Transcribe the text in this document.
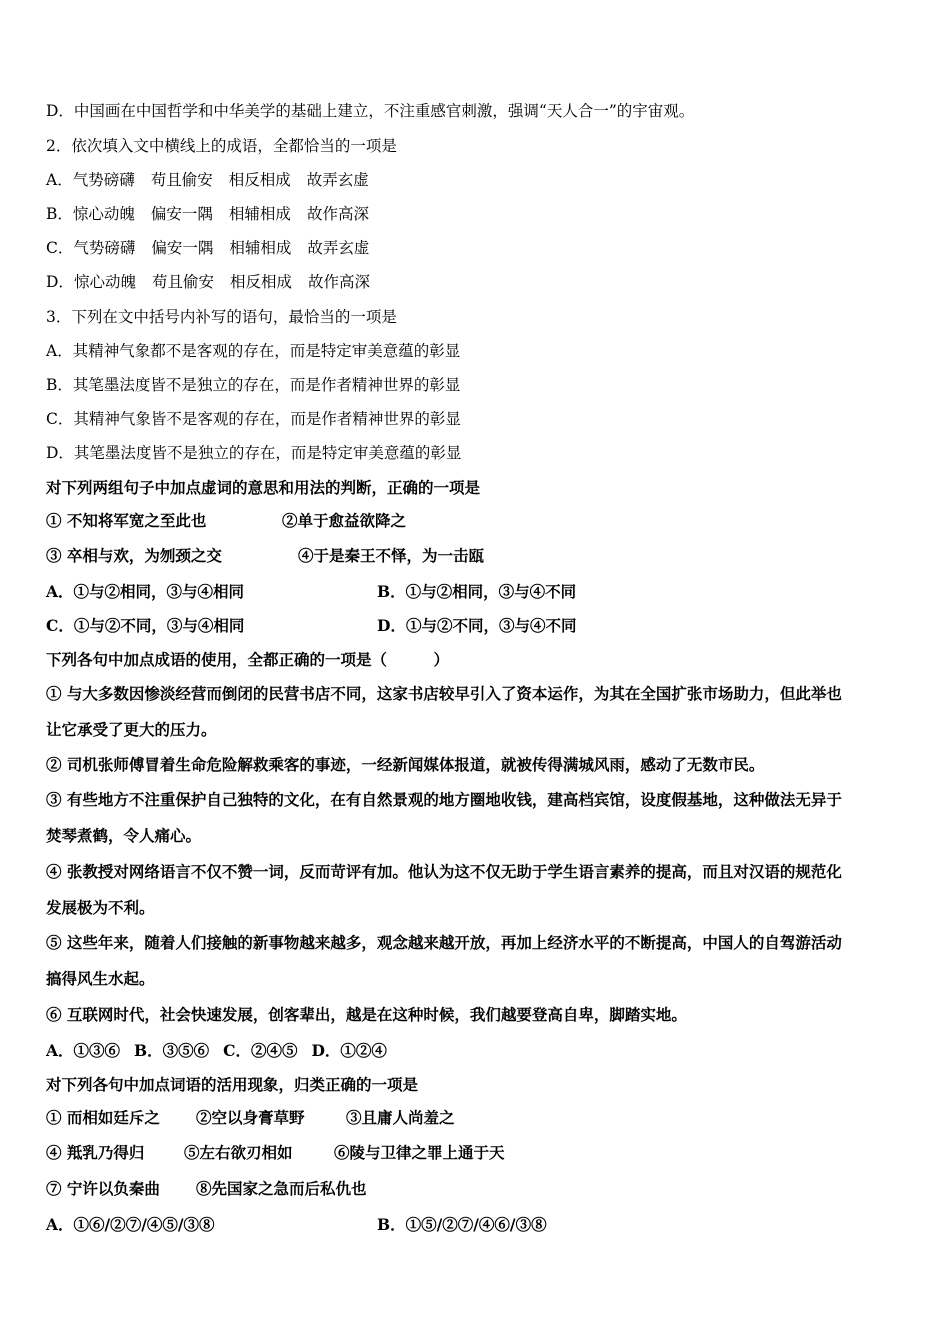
D．中国画在中国哲学和中华美学的基础上建立，不注重感官刺激，强调“天人合一”的宇宙观。
2．依次填入文中横线上的成语，全都恰当的一项是
A．气势磅礴 苟且偷安 相反相成 故弄玄虚
B．惊心动魄 偏安一隅 相辅相成 故作高深
C．气势磅礴 偏安一隅 相辅相成 故弄玄虚
D．惊心动魄 苟且偷安 相反相成 故作高深
3．下列在文中括号内补写的语句，最恰当的一项是
A．其精神气象都不是客观的存在，而是特定审美意蕴的彰显
B．其笔墨法度皆不是独立的存在，而是作者精神世界的彰显
C．其精神气象皆不是客观的存在，而是作者精神世界的彰显
D．其笔墨法度皆不是独立的存在，而是特定审美意蕴的彰显
对下列两组句子中加点虚词的意思和用法的判断，正确的一项是
① 不知将军宽之至此也	②单于愈益欲降之
③ 卒相与欢，为刎颈之交	④于是秦王不怿，为一击瓯
A．①与②相同，③与④相同	B．①与②相同，③与④不同
C．①与②不同，③与④相同	D．①与②不同，③与④不同
下列各句中加点成语的使用，全都正确的一项是（　　　）
① 与大多数因惨淡经营而倒闭的民营书店不同，这家书店较早引入了资本运作，为其在全国扩张市场助力，但此举也
让它承受了更大的压力。
② 司机张师傅冒着生命危险解救乘客的事迹，一经新闻媒体报道，就被传得满城风雨，感动了无数市民。
③ 有些地方不注重保护自己独特的文化，在有自然景观的地方圈地收钱，建高档宾馆，设度假基地，这种做法无异于
焚琴煮鹤，令人痛心。
④ 张教授对网络语言不仅不赞一词，反而苛评有加。他认为这不仅无助于学生语言素养的提高，而且对汉语的规范化
发展极为不利。
⑤ 这些年来，随着人们接触的新事物越来越多，观念越来越开放，再加上经济水平的不断提高，中国人的自驾游活动
搞得风生水起。
⑥ 互联网时代，社会快速发展，创客辈出，越是在这种时候，我们越要登高自卑，脚踏实地。
A．①③⑥ B．③⑤⑥ C．②④⑤ D．①②④
对下列各句中加点词语的活用现象，归类正确的一项是
① 而相如廷斥之 ②空以身膏草野	③且庸人尚羞之
④ 羝乳乃得归	⑤左右欲刃相如	⑥陵与卫律之罪上通于天
⑦ 宁许以负秦曲 ⑧先国家之急而后私仇也
A．①⑥/②⑦/④⑤/③⑧	B．①⑤/②⑦/④⑥/③⑧
